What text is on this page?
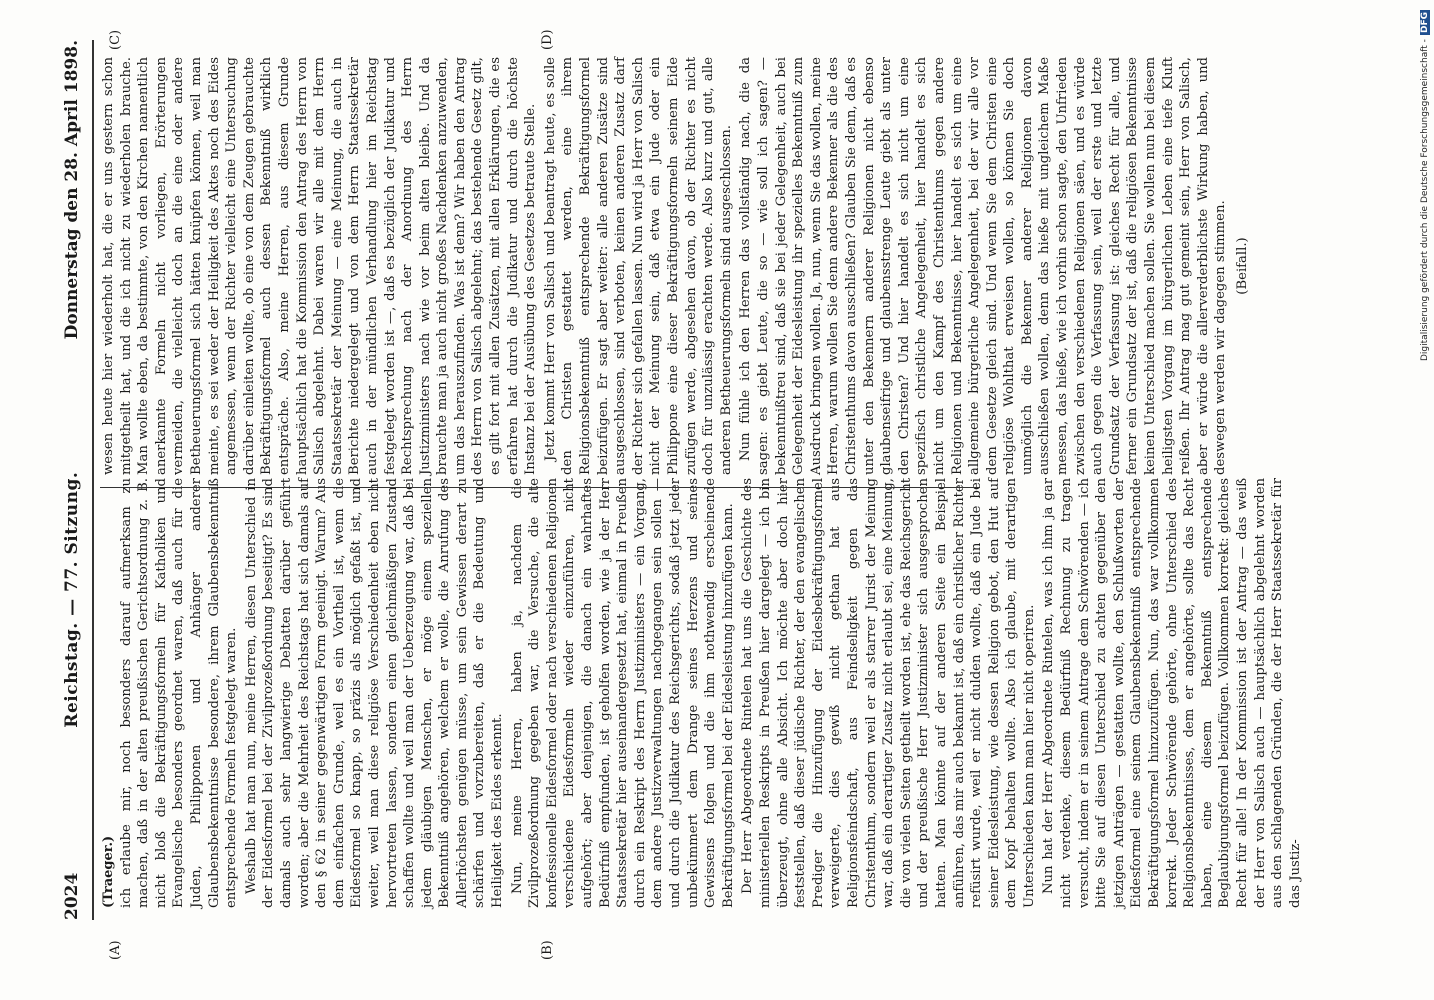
2024
Reichstag. — 77. Sitzung.
Donnerstag den 28. April 1898.
(A)	(B)
(C)	(D)
(Traeger.) ich erlaube mir, noch besonders darauf aufmerksam zu machen, daß in der alten preußischen Gerichtsordnung z. B. nicht bloß die Bekräftigungsformeln für Katholiken und Evangelische besonders geordnet waren, daß auch für die Juden, Philipponen und Anhänger anderer Glaubensbekenntnisse besondere, ihrem Glaubensbekenntniß entsprechende Formeln festgelegt waren. Weshalb hat man nun, meine Herren, diesen Unterschied in der Eidesformel bei der Zivilprozeßordnung beseitigt? Es sind damals auch sehr langwierige Debatten darüber geführt worden; aber die Mehrheit des Reichstags hat sich damals auf den § 62 in seiner gegenwärtigen Form geeinigt. Warum? Aus dem einfachen Grunde, weil es ein Vortheil ist, wenn die Eidesformel so knapp, so präzis als möglich gefaßt ist, und weiter, weil man diese religiöse Verschiedenheit eben nicht hervortreten lassen, sondern einen gleichmäßigen Zustand schaffen wollte und weil man der Ueberzeugung war, daß bei jedem gläubigen Menschen, er möge einem speziellen Bekenntniß angehören, welchem er wolle, die Anrufung des Allerhöchsten genügen müsse, um sein Gewissen derart zu schärfen und vorzubereiten, daß er die Bedeutung und Heiligkeit des Eides erkennt. Nun, meine Herren, haben ja, nachdem die Zivilprozeßordnung gegeben war, die Versuche, die alte konfessionelle Eidesformel oder nach verschiedenen Religionen verschiedene Eidesformeln wieder einzuführen, nicht aufgehört; aber denjenigen, die danach ein wahrhaftes Bedürfniß empfunden, ist geholfen worden, wie ja der Herr Staatssekretär hier auseinandergesetzt hat, einmal in Preußen durch ein Reskript des Herrn Justizministers — ein Vorgang, dem andere Justizverwaltungen nachgegangen sein sollen — und durch die Judikatur des Reichsgerichts, sodaß jetzt jeder unbekümmert dem Drange seines Herzens und seines Gewissens folgen und die ihm nothwendig erscheinende Bekräftigungsformel bei der Eidesleistung hinzufügen kann. Der Herr Abgeordnete Rintelen hat uns die Geschichte des ministeriellen Reskripts in Preußen hier dargelegt — ich bin überzeugt, ohne alle Absicht. Ich möchte aber doch hier feststellen, daß dieser jüdische Richter, der den evangelischen Prediger die Hinzufügung der Eidesbekräftigungsformel verweigerte, dies gewiß nicht gethan hat aus Religionsfeindschaft, aus Feindseligkeit gegen das Christenthum, sondern weil er als starrer Jurist der Meinung war, daß ein derartiger Zusatz nicht erlaubt sei, eine Meinung, die von vielen Seiten getheilt worden ist, ehe das Reichsgericht und der preußische Herr Justizminister sich ausgesprochen hatten. Man könnte auf der anderen Seite ein Beispiel anführen, das mir auch bekannt ist, daß ein christlicher Richter refüsirt wurde, weil er nicht dulden wollte, daß ein Jude bei seiner Eidesleistung, wie dessen Religion gebot, den Hut auf dem Kopf behalten wollte. Also ich glaube, mit derartigen Unterschieden kann man hier nicht operiren. Nun hat der Herr Abgeordnete Rintelen, was ich ihm ja gar nicht verdenke, diesem Bedürfniß Rechnung zu tragen versucht, indem er in seinem Antrage dem Schwörenden — ich bitte Sie auf diesen Unterschied zu achten gegenüber den jetzigen Anträgen — gestatten wollte, den Schlußworten der Eidesformel eine seinem Glaubensbekenntniß entsprechende Bekräftigungsformel hinzuzufügen. Nun, das war vollkommen korrekt. Jeder Schwörende gehörte, ohne Unterschied des Religionsbekenntnisses, dem er angehörte, sollte das Recht haben, eine diesem Bekenntniß entsprechende Beglaubigungsformel beizufügen. Vollkommen korrekt: gleiches Recht für alle! In der Kommission ist der Antrag — das weiß der Herr von Salisch auch — hauptsächlich abgelehnt worden aus den schlagenden Gründen, die der Herr Staatssekretär für das Justiz-

wesen heute hier wiederholt hat, die er uns gestern schon mitgetheilt hat, und die ich nicht zu wiederholen brauche. Man wollte eben, da bestimmte, von den Kirchen namentlich anerkannte Formeln nicht vorliegen, Erörterungen vermeiden, die vielleicht doch an die eine oder andere Betheuerungsformel sich hätten knüpfen können, weil man meinte, es sei weder der Heiligkeit des Aktes noch des Eides angemessen, wenn der Richter vielleicht eine Untersuchung darüber einleiten wollte, ob eine von dem Zeugen gebrauchte Bekräftigungsformel auch dessen Bekenntniß wirklich entspräche. Also, meine Herren, aus diesem Grunde hauptsächlich hat die Kommission den Antrag des Herrn von Salisch abgelehnt. Dabei waren wir alle mit dem Herrn Staatssekretär der Meinung — eine Meinung, die auch in Berichte niedergelegt und von dem Herrn Staatssekretär auch in der mündlichen Verhandlung hier im Reichstag festgelegt worden ist —, daß es bezüglich der Judikatur und Rechtsprechung nach der Anordnung des Herrn Justizministers nach wie vor beim alten bleibe. Und da brauchte man ja auch nicht großes Nachdenken anzuwenden, um das herauszufinden. Was ist denn? Wir haben den Antrag des Herrn von Salisch abgelehnt; das bestehende Gesetz gilt, es gilt fort mit allen Zusätzen, mit allen Erklärungen, die es erfahren hat durch die Judikatur und durch die höchste Instanz bei der Ausübung des Gesetzes betraute Stelle. Jetzt kommt Herr von Salisch und beantragt heute, es solle den Christen gestattet werden, eine ihrem Religionsbekenntniß entsprechende Bekräftigungsformel beizufügen. Er sagt aber weiter: alle anderen Zusätze sind ausgeschlossen, sind verboten, keinen anderen Zusatz darf der Richter sich gefallen lassen. Nun wird ja Herr von Salisch nicht der Meinung sein, daß etwa ein Jude oder ein Philippone eine dieser Bekräftigungsformeln seinem Eide zufügen werde, abgesehen davon, ob der Richter es nicht doch für unzulässig erachten werde. Also kurz und gut, alle anderen Betheuerungsformeln sind ausgeschlossen. Nun fühle ich den Herren das vollständig nach, die da sagen: es giebt Leute, die so — wie soll ich sagen? — bekenntnißtreu sind, daß sie bei jeder Gelegenheit, auch bei Gelegenheit der Eidesleistung ihr spezielles Bekenntniß zum Ausdruck bringen wollen. Ja, nun, wenn Sie das wollen, meine Herren, warum wollen Sie denn andere Bekenner als die des Christenthums davon ausschließen? Glauben Sie denn, daß es unter den Bekennern anderer Religionen nicht ebenso glaubenseifrige und glaubensstrenge Leute giebt als unter den Christen? Und hier handelt es sich nicht um eine spezifisch christliche Angelegenheit, hier handelt es sich nicht um den Kampf des Christenthums gegen andere Religionen und Bekenntnisse, hier handelt es sich um eine allgemeine bürgerliche Angelegenheit, bei der wir alle vor dem Gesetze gleich sind. Und wenn Sie dem Christen eine religiöse Wohlthat erweisen wollen, so können Sie doch unmöglich die Bekenner anderer Religionen davon ausschließen wollen, denn das hieße mit ungleichem Maße messen, das hieße, wie ich vorhin schon sagte, den Unfrieden zwischen den verschiedenen Religionen säen, und es würde auch gegen die Verfassung sein, weil der erste und letzte Grundsatz der Verfassung ist: gleiches Recht für alle, und ferner ein Grundsatz der ist, daß die religiösen Bekenntnisse keinen Unterschied machen sollen. Sie wollen nun bei diesem heiligsten Vorgang im bürgerlichen Leben eine tiefe Kluft reißen. Ihr Antrag mag gut gemeint sein, Herr von Salisch, aber er würde die allerverderblichste Wirkung haben, und deswegen werden wir dagegen stimmen. (Beifall.)	Digitalisierung gefördert durch die Deutsche Forschungsgemeinschaft -
DFG
